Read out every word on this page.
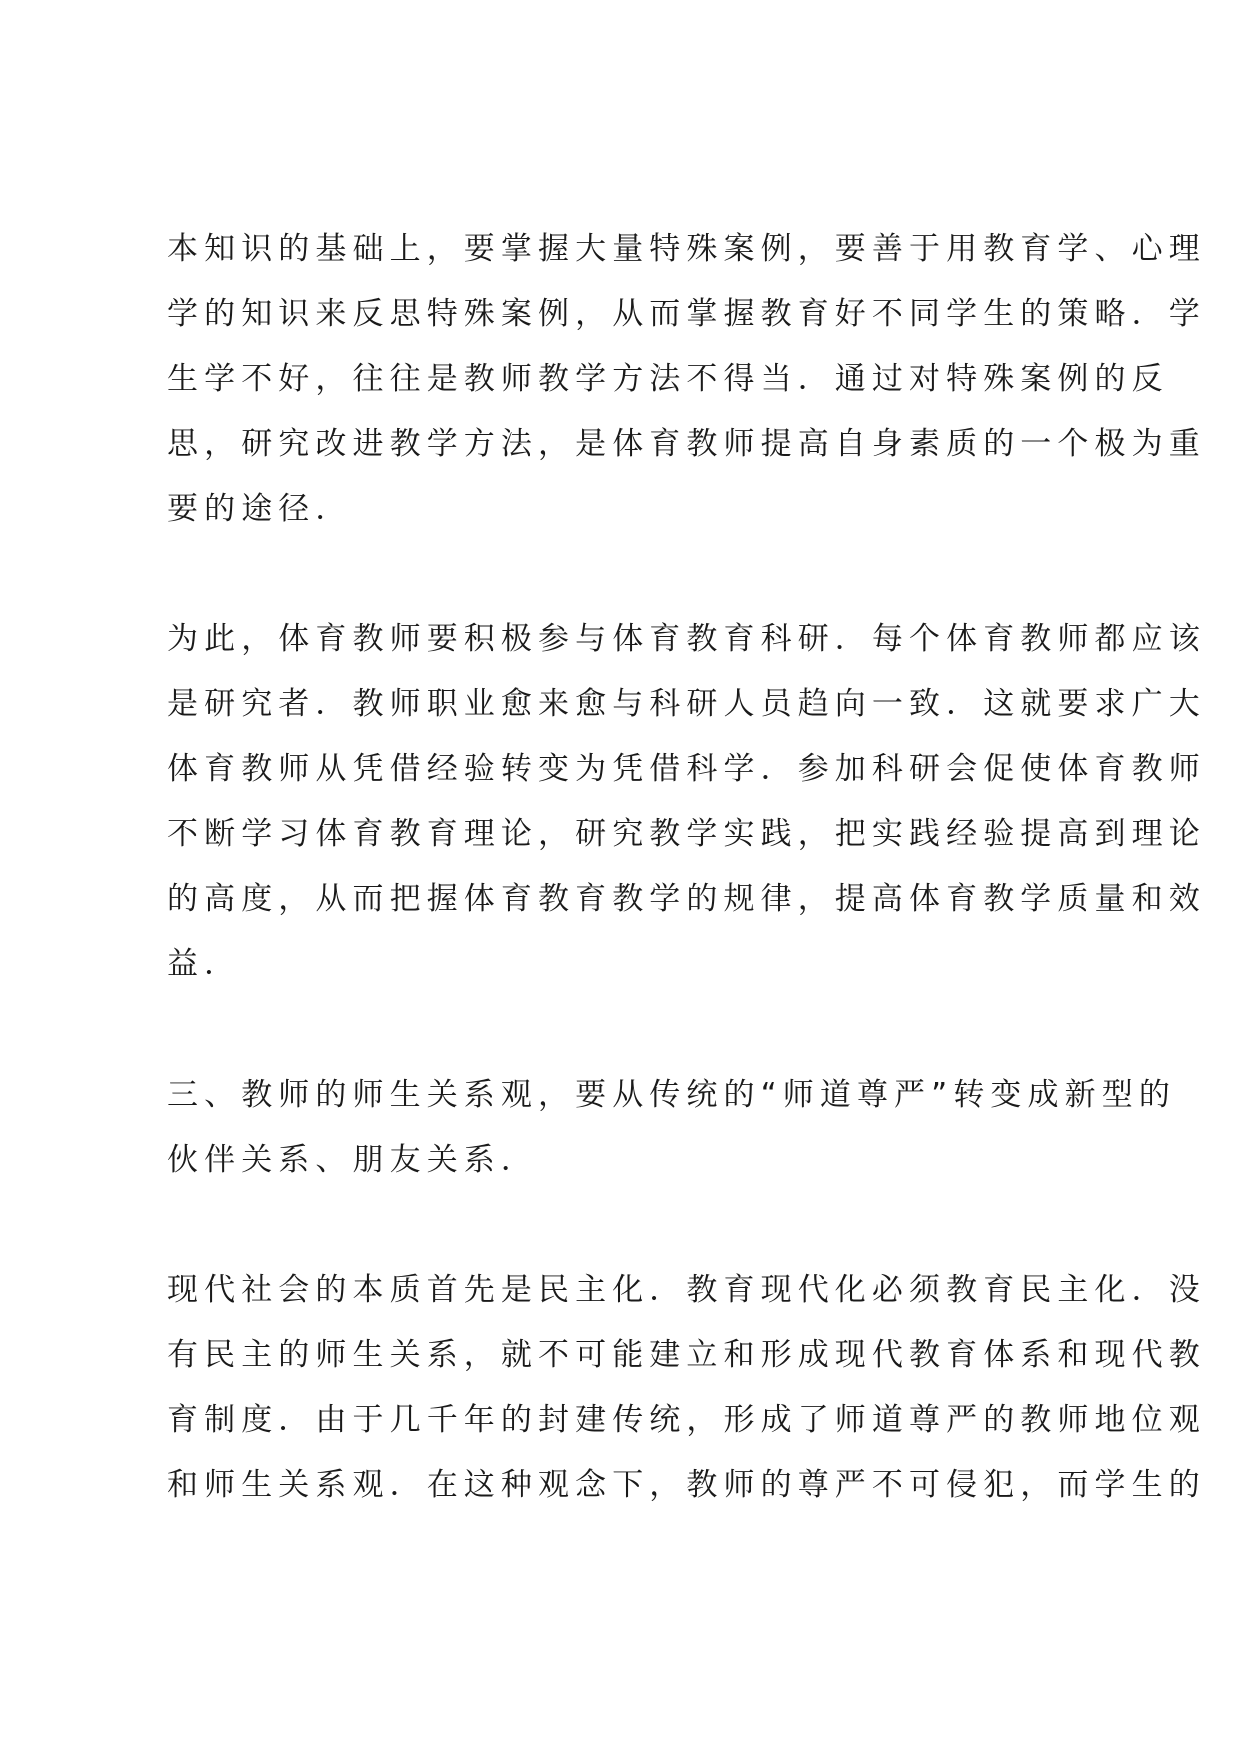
本知识的基础上，要掌握大量特殊案例，要善于用教育学、心理
学的知识来反思特殊案例，从而掌握教育好不同学生的策略．学
生学不好，往往是教师教学方法不得当．通过对特殊案例的反
思，研究改进教学方法，是体育教师提高自身素质的一个极为重
要的途径．
为此，体育教师要积极参与体育教育科研．每个体育教师都应该
是研究者．教师职业愈来愈与科研人员趋向一致．这就要求广大
体育教师从凭借经验转变为凭借科学．参加科研会促使体育教师
不断学习体育教育理论，研究教学实践，把实践经验提高到理论
的高度，从而把握体育教育教学的规律，提高体育教学质量和效
益．
三、教师的师生关系观，要从传统的“师道尊严”转变成新型的
伙伴关系、朋友关系．
现代社会的本质首先是民主化．教育现代化必须教育民主化．没
有民主的师生关系，就不可能建立和形成现代教育体系和现代教
育制度．由于几千年的封建传统，形成了师道尊严的教师地位观
和师生关系观．在这种观念下，教师的尊严不可侵犯，而学生的
